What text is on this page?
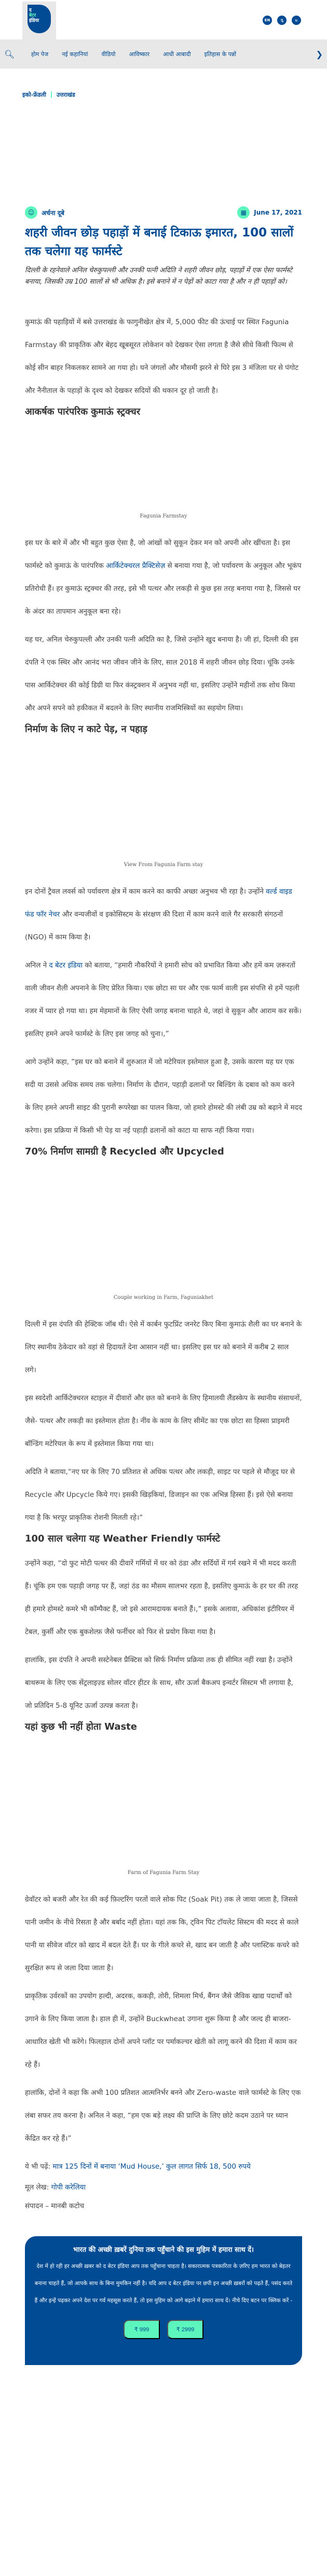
द
बेटर
इंडिया	EN	ગુ	ಬ
🔍︎	होम पेज नई कहानियां वीडियो आविष्कार आधी आबादी इतिहास के पन्नों	❯
इको-फ्रेंडली उत्तराखंड
☺	अर्चना दूबे	▦	June 17, 2021
शहरी जीवन छोड़ पहाड़ों में बनाई टिकाऊ इमारत, 100 सालों तक चलेगा यह फार्मस्टे

दिल्ली के रहनेवाले अनिल चेरुकुपल्ली और उनकी पत्नी अदिति ने शहरी जीवन छोड़, पहाड़ों में एक ऐसा फार्मस्टे बनाया, जिसकी उम्र 100 सालों से भी अधिक है। इसे बनाने में न पेड़ों को काटा गया है और न ही पहाड़ों को।

कुमाऊं की पहाड़ियों में बसे उत्तराखंड के फागुनीखेत क्षेत्र में, 5,000 फीट की ऊंचाई पर स्थित Fagunia Farmstay की प्राकृतिक और बेहद खूबसूरत लोकेशन को देखकर ऐसा लगता है जैसे सीधे किसी फिल्म से कोई सीन बाहर निकलकर सामने आ गया हो। घने जंगलों और मौसमी झरने से घिरे इस 3 मंजिला घर से पंगोट और नैनीताल के पहाड़ों के दृश्य को देखकर सदियों की थकान दूर हो जाती है।

आकर्षक पारंपरिक कुमाऊं स्ट्रक्चर
Fagunia Farmstay

इस घर के बारे में और भी बहुत कुछ ऐसा है, जो आंखों को सुकून देकर मन को अपनी ओर खींचता है। इस फार्मस्टे को कुमाऊं के पारंपरिक आर्किटेक्चरल प्रैक्टिसेज़ से बनाया गया है, जो पर्यावरण के अनुकूल और भूकंप प्रतिरोधी हैं। हर कुमाऊं स्ट्रक्चर की तरह, इसे भी पत्थर और लकड़ी से कुछ इस तरह बनाया गया है, जिससे घर के अंदर का तापमान अनुकूल बना रहे।

यह घर, अनिल चेरुकुपल्ली और उनकी पत्नी अदिति का है, जिसे उन्होंने खुद बनाया है। जी हां, दिल्ली की इस दंपति ने एक स्थिर और आनंद भरा जीवन जीने के लिए, साल 2018 में शहरी जीवन छोड़ दिया। चूंकि उनके पास आर्किटेक्चर की कोई डिग्री या फिर कंस्ट्रक्शन में अनुभव नहीं था, इसलिए उन्होंने महीनों तक शोध किया और अपने सपने को हकीकत में बदलने के लिए स्थानीय राजमिस्त्रियों का सहयोग लिया।

निर्माण के लिए न काटे पेड़, न पहाड़
View From Fagunia Farm stay

इन दोनों ट्रैवल लवर्स को पर्यावरण क्षेत्र में काम करने का काफी अच्छा अनुभव भी रहा है। उन्होंने वर्ल्ड वाइड फंड फॉर नेचर और वन्यजीवों व इकोसिस्टम के संरक्षण की दिशा में काम करने वाले गैर सरकारी संगठनों (NGO) में काम किया है।

अनिल ने द बेटर इंडिया को बताया, “हमारी नौकरियों ने हमारी सोच को प्रभावित किया और हमें कम ज़रूरतों वाली जीवन शैली अपनाने के लिए प्रेरित किया। एक छोटा सा घर और एक फार्म वाली इस संपत्ति से हमें पहली नजर में प्यार हो गया था। हम मेहमानों के लिए ऐसी जगह बनाना चाहते थे, जहां वे सुकून और आराम कर सकें। इसलिए हमने अपने फार्मस्टे के लिए इस जगह को चुना।,”

आगे उन्होंने कहा, ”इस घर को बनाने में शुरुआत में जो मटेरियल इस्तेमाल हुआ है, उसके कारण यह घर एक सदी या उससे अधिक समय तक चलेगा। निर्माण के दौरान, पहाड़ी ढलानों पर बिल्डिंग के दबाव को कम करने के लिए हमने अपनी साइट की पुरानी रूपरेखा का पालन किया, जो हमारे होमस्टे की लंबी उम्र को बढ़ाने में मदद करेगा। इस प्रक्रिया में किसी भी पेड़ या नई पहाड़ी ढलानों को काटा या साफ नहीं किया गया।

70% निर्माण सामग्री है Recycled और Upcycled
Couple working in Farm, Faguniakhet

दिल्ली में इस दंपति की हेक्टिक जॉब थी। ऐसे में कार्बन फुटप्रिंट जनरेट किए बिना कुमाऊं शैली का घर बनाने के लिए स्थानीय ठेकेदार को वहां से हिदायतें देना आसान नहीं था। इसलिए इस घर को बनाने में करीब 2 साल लगे।

इस स्वदेशी आर्किटेक्चरल स्टाइल में दीवारों और छत को बनाने के लिए हिमालयी लैंडस्केप के स्थानीय संसाधनों, जैसे- पत्थर और लकड़ी का इस्तेमाल होता है। नींव के काम के लिए सीमेंट का एक छोटा सा हिस्सा प्राइमरी बॉन्डिंग मटेरियल के रूप में इस्तेमाल किया गया था।

अदिति ने बताया,“नए घर के लिए 70 प्रतिशत से अधिक पत्थर और लकड़ी, साइट पर पहले से मौजूद घर से Recycle और Upcycle किये गए। इसकी खिड़कियां, डिजाइन का एक अभिन्न हिस्सा हैं। इसे ऐसे बनाया गया है कि भरपूर प्राकृतिक रोशनी मिलती रहे।“

100 साल चलेगा यह Weather Friendly फार्मस्टे

उन्होंने कहा, “दो फुट मोटी पत्थर की दीवारें गर्मियों में घर को ठंडा और सर्दियों में गर्म रखने में भी मदद करती हैं। चूंकि हम एक पहाड़ी जगह पर हैं, जहां ठंड का मौसम सालभर रहता है, इसलिए कुमाऊं के हर घर की तरह ही हमारे होमस्टे कमरे भी कॉम्पैक्ट हैं, जो इसे आरामदायक बनाते हैं।,” इसके अलावा, अधिकांश इंटीरियर में टेबल, कुर्सी और एक बुकशेल्फ़ जैसे फर्नीचर को फिर से प्रयोग किया गया है।

हालांकि, इस दंपति ने अपनी सस्टेनेबल प्रैक्टिस को सिर्फ निर्माण प्रक्रिया तक ही सीमित नहीं रखा है। उन्होंने बाथरूम के लिए एक सेंट्रलाइज़्ड सोलर वॉटर हीटर के साथ, सौर ऊर्जा बैकअप इन्वर्टर सिस्टम भी लगाया है, जो प्रतिदिन 5-8 यूनिट ऊर्जा उत्पन्न करता है।

यहां कुछ भी नहीं होता Waste
Farm of Fagunia Farm Stay

ग्रेवॉटर को बजरी और रेत की कई फ़िल्टरिंग परतों वाले सोक पिट (Soak Pit) तक ले जाया जाता है, जिससे पानी जमीन के नीचे रिसता है और बर्बाद नहीं होता। यहां तक कि, ट्विन पिट टॉयलेट सिस्टम की मदद से काले पानी या सीवेज वॉटर को खाद में बदल देते हैं। घर के गीले कचरे से, खाद बन जाती है और प्लास्टिक कचरे को सुरक्षित रूप से जला दिया जाता है।

प्राकृतिक उर्वरकों का उपयोग हल्दी, अदरक, ककड़ी, तोरी, शिमला मिर्च, बैंगन जैसे जैविक खाद्य पदार्थों को उगाने के लिए किया जाता है। हाल ही में, उन्होंने Buckwheat उगाना शुरू किया है और जल्द ही बाजरा-आधारित खेती भी करेंगे। फिलहाल दोनों अपने प्लॉट पर पर्माकल्चर खेती को लागू करने की दिशा में काम कर रहे हैं।

हालांकि, दोनों ने कहा कि अभी 100 प्रतिशत आत्मनिर्भर बनने और Zero-waste वाले फार्मस्टे के लिए एक लंबा सफर तय करना है। अनिल ने कहा, “हम एक बड़े लक्ष्य की प्राप्ति के लिए छोटे कदम उठाने पर ध्यान केंद्रित कर रहे हैं।”

ये भी पढ़ें: मात्र 125 दिनों में बनाया ‘Mud House,’ कुल लागत सिर्फ 18, 500 रुपये

मूल लेख: गोपी करेलिया

संपादन – मानबी कटोच

भारत की अच्छी ख़बरें दुनिया तक पहुँचाने की इस मुहिम में हमारा साथ दें।

देश में हो रही हर अच्छी ख़बर को द बेटर इंडिया आप तक पहुँचाना चाहता है। सकारात्मक पत्रकारिता के ज़रिए हम भारत को बेहतर बनाना चाहते हैं, जो आपके साथ के बिना मुमकिन नहीं है। यदि आप द बेटर इंडिया पर छपी इन अच्छी ख़बरों को पढ़ते हैं, पसंद करते हैं और इन्हें पढ़कर अपने देश पर गर्व महसूस करते हैं, तो इस मुहिम को आगे बढ़ाने में हमारा साथ दें। नीचे दिए बटन पर क्लिक करें -

₹ 999	₹ 2999
